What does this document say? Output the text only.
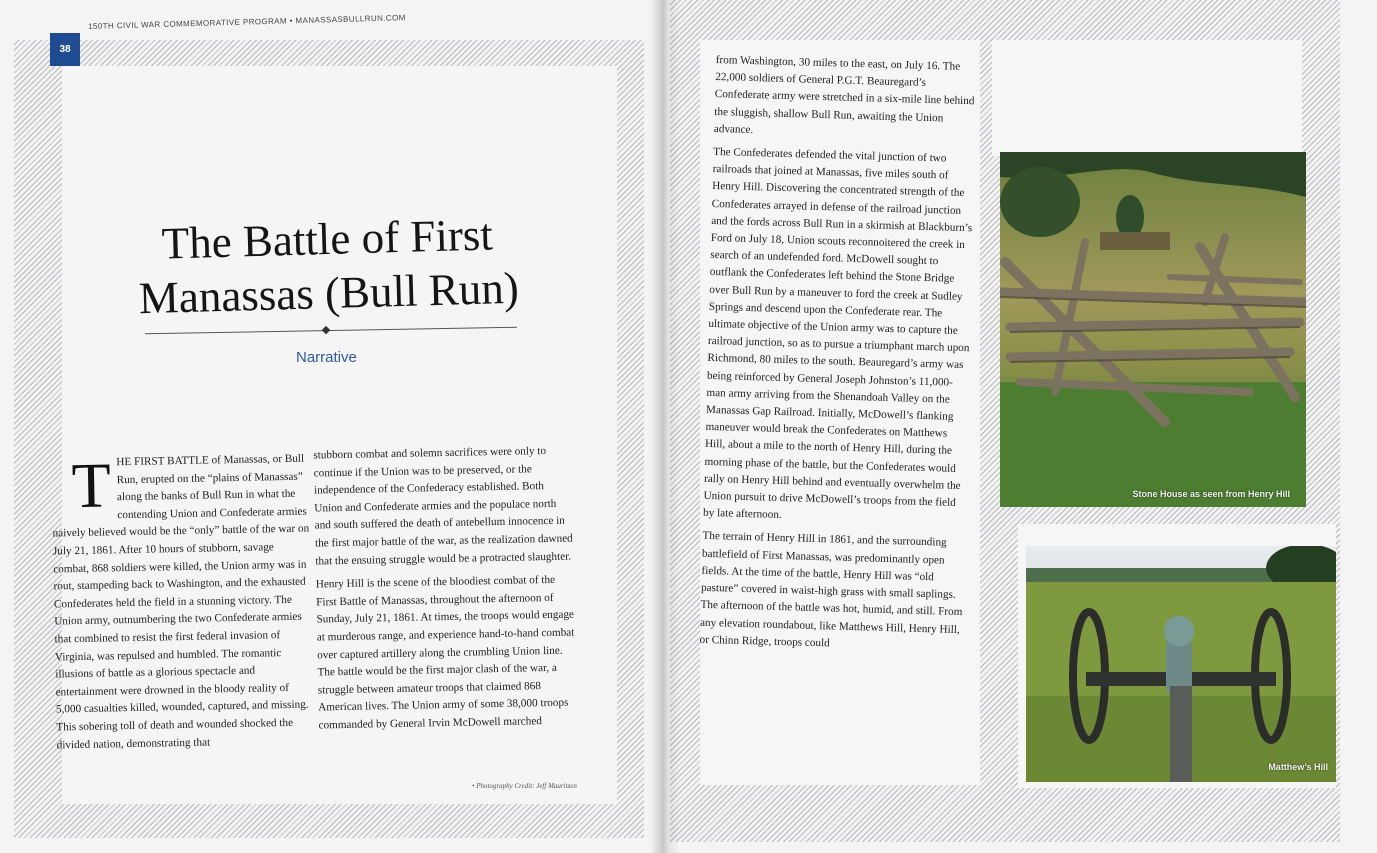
38
150TH CIVIL WAR COMMEMORATIVE PROGRAM • MANASSASBULLRUN.COM
The Battle of First
Manassas (Bull Run)
Narrative

THE FIRST BATTLE of Manassas, or Bull Run, erupted on the “plains of Manassas” along the banks of Bull Run in what the contending Union and Confederate armies naively believed would be the “only” battle of the war on July 21, 1861. After 10 hours of stubborn, savage combat, 868 soldiers were killed, the Union army was in rout, stampeding back to Washington, and the exhausted Confederates held the field in a stunning victory. The Union army, outnumbering the two Confederate armies that combined to resist the first federal invasion of Virginia, was repulsed and humbled. The romantic illusions of battle as a glorious spectacle and entertainment were drowned in the bloody reality of 5,000 casualties killed, wounded, captured, and missing. This sobering toll of death and wounded shocked the divided nation, demonstrating that

stubborn combat and solemn sacrifices were only to continue if the Union was to be preserved, or the independence of the Confederacy established. Both Union and Confederate armies and the populace north and south suffered the death of antebellum innocence in the first major battle of the war, as the realization dawned that the ensuing struggle would be a protracted slaughter.

Henry Hill is the scene of the bloodiest combat of the First Battle of Manassas, throughout the afternoon of Sunday, July 21, 1861. At times, the troops would engage at murderous range, and experience hand-to-hand combat over captured artillery along the crumbling Union line. The battle would be the first major clash of the war, a struggle between amateur troops that claimed 868 American lives. The Union army of some 38,000 troops commanded by General Irvin McDowell marched

• Photography Credit: Jeff Mauritzen

from Washington, 30 miles to the east, on July 16. The 22,000 soldiers of General P.G.T. Beauregard’s Confederate army were stretched in a six-mile line behind the sluggish, shallow Bull Run, awaiting the Union advance.

The Confederates defended the vital junction of two railroads that joined at Manassas, five miles south of Henry Hill. Discovering the concentrated strength of the Confederates arrayed in defense of the railroad junction and the fords across Bull Run in a skirmish at Blackburn’s Ford on July 18, Union scouts reconnoitered the creek in search of an undefended ford. McDowell sought to outflank the Confederates left behind the Stone Bridge over Bull Run by a maneuver to ford the creek at Sudley Springs and descend upon the Confederate rear. The ultimate objective of the Union army was to capture the railroad junction, so as to pursue a triumphant march upon Richmond, 80 miles to the south. Beauregard’s army was being reinforced by General Joseph Johnston’s 11,000-man army arriving from the Shenandoah Valley on the Manassas Gap Railroad. Initially, McDowell’s flanking maneuver would break the Confederates on Matthews Hill, about a mile to the north of Henry Hill, during the morning phase of the battle, but the Confederates would rally on Henry Hill behind and eventually overwhelm the Union pursuit to drive McDowell’s troops from the field by late afternoon.

The terrain of Henry Hill in 1861, and the surrounding battlefield of First Manassas, was predominantly open fields. At the time of the battle, Henry Hill was “old pasture” covered in waist-high grass with small saplings. The afternoon of the battle was hot, humid, and still. From any elevation roundabout, like Matthews Hill, Henry Hill, or Chinn Ridge, troops could

Stone House as seen from Henry Hill
Matthew’s Hill
